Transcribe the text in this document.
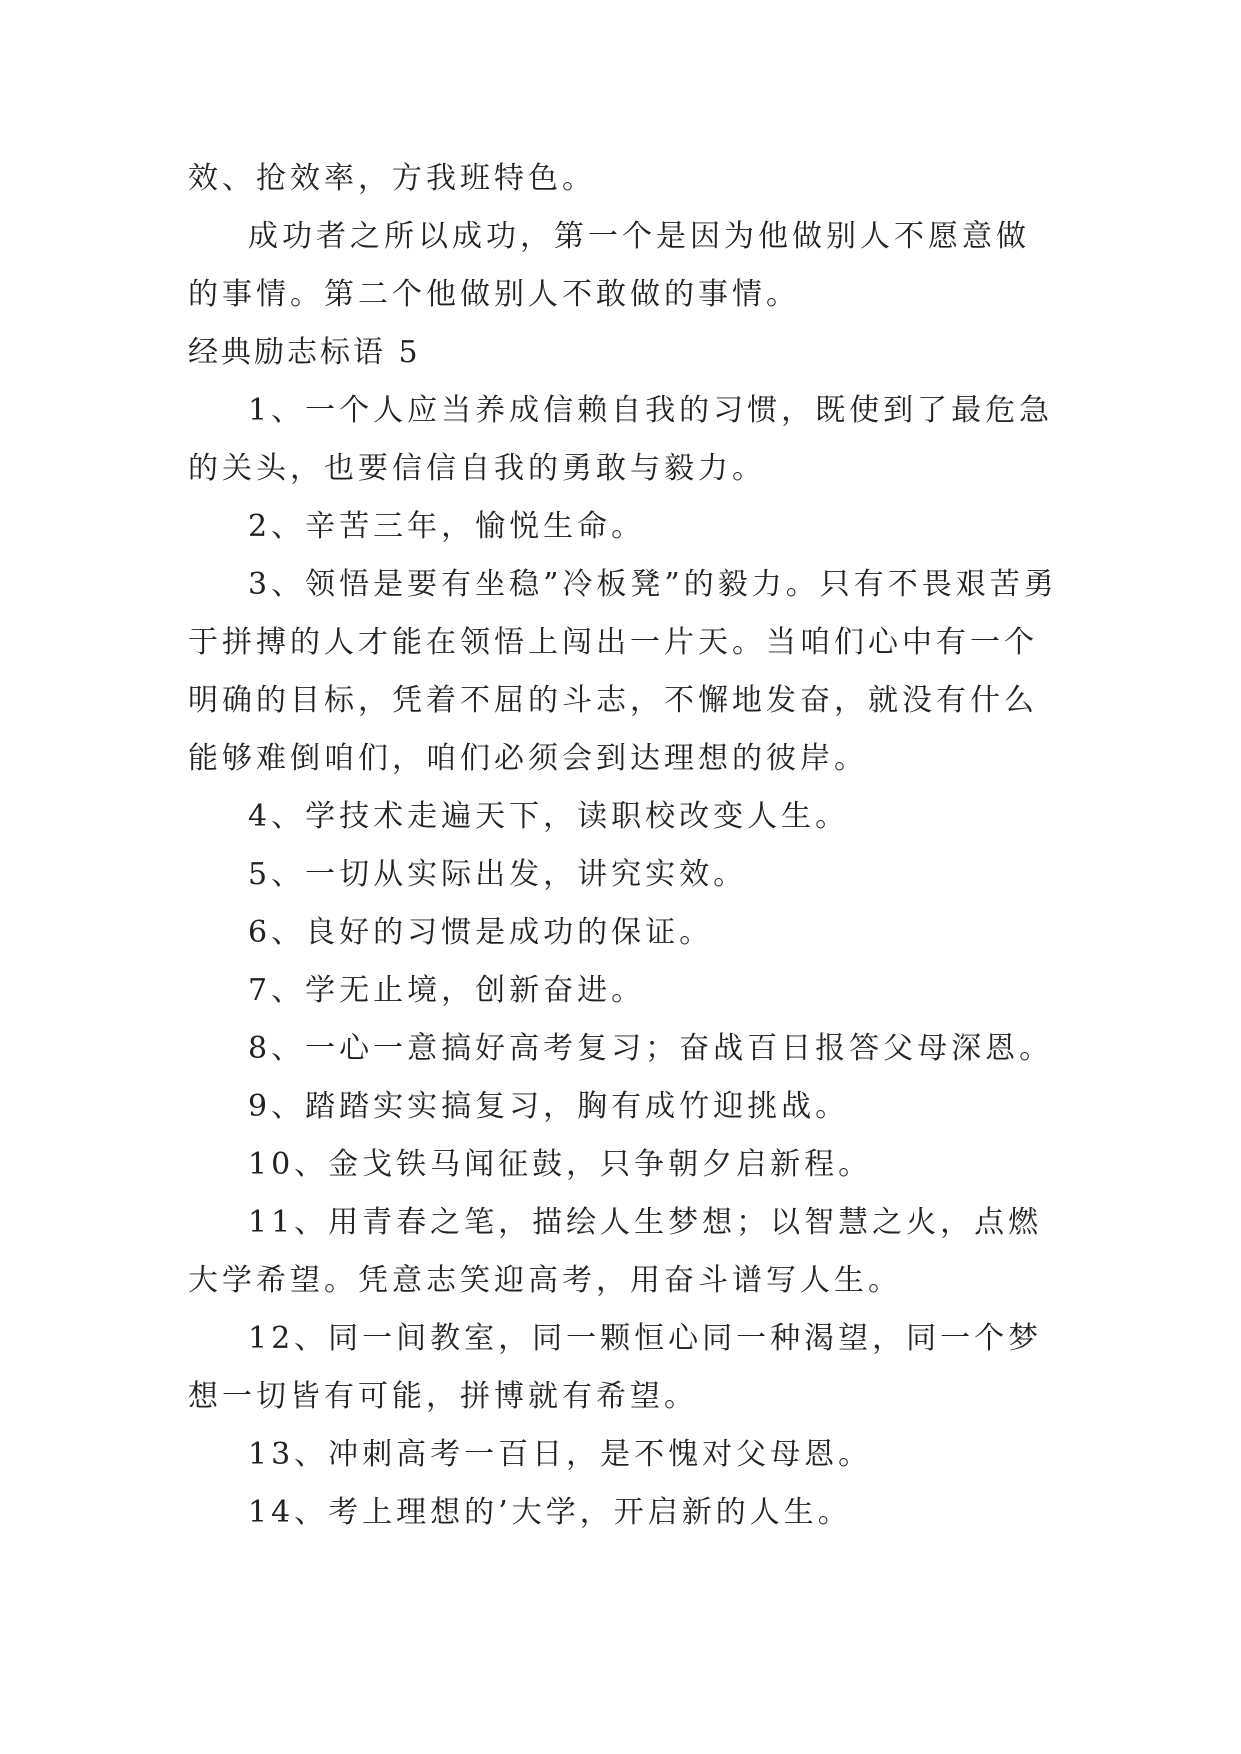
效、抢效率，方我班特色。

成功者之所以成功，第一个是因为他做别人不愿意做的事情。第二个他做别人不敢做的事情。

经典励志标语 5

1、一个人应当养成信赖自我的习惯，既使到了最危急的关头，也要信信自我的勇敢与毅力。

2、辛苦三年，愉悦生命。

3、领悟是要有坐稳”冷板凳”的毅力。只有不畏艰苦勇于拼搏的人才能在领悟上闯出一片天。当咱们心中有一个明确的目标，凭着不屈的斗志，不懈地发奋，就没有什么能够难倒咱们，咱们必须会到达理想的彼岸。

4、学技术走遍天下，读职校改变人生。

5、一切从实际出发，讲究实效。

6、良好的习惯是成功的保证。

7、学无止境，创新奋进。

8、一心一意搞好高考复习；奋战百日报答父母深恩。

9、踏踏实实搞复习，胸有成竹迎挑战。

10、金戈铁马闻征鼓，只争朝夕启新程。

11、用青春之笔，描绘人生梦想；以智慧之火，点燃大学希望。凭意志笑迎高考，用奋斗谱写人生。

12、同一间教室，同一颗恒心同一种渴望，同一个梦想一切皆有可能，拼博就有希望。

13、冲刺高考一百日，是不愧对父母恩。

14、考上理想的’大学，开启新的人生。
